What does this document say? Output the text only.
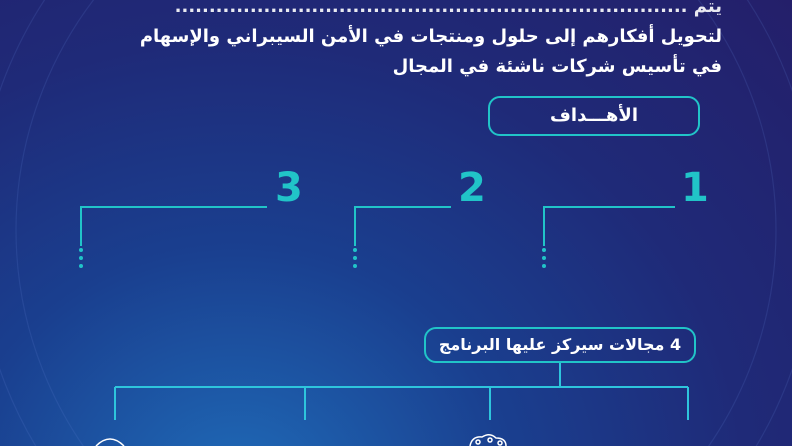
يتم ...........................................................................
لتحويل أفكارهم إلى حلول ومنتجات في الأمن السيبراني والإسهام
في تأسيس شركات ناشئة في المجال
الأهـــداف
1
2
3
4 مجالات سيركز عليها البرنامج
